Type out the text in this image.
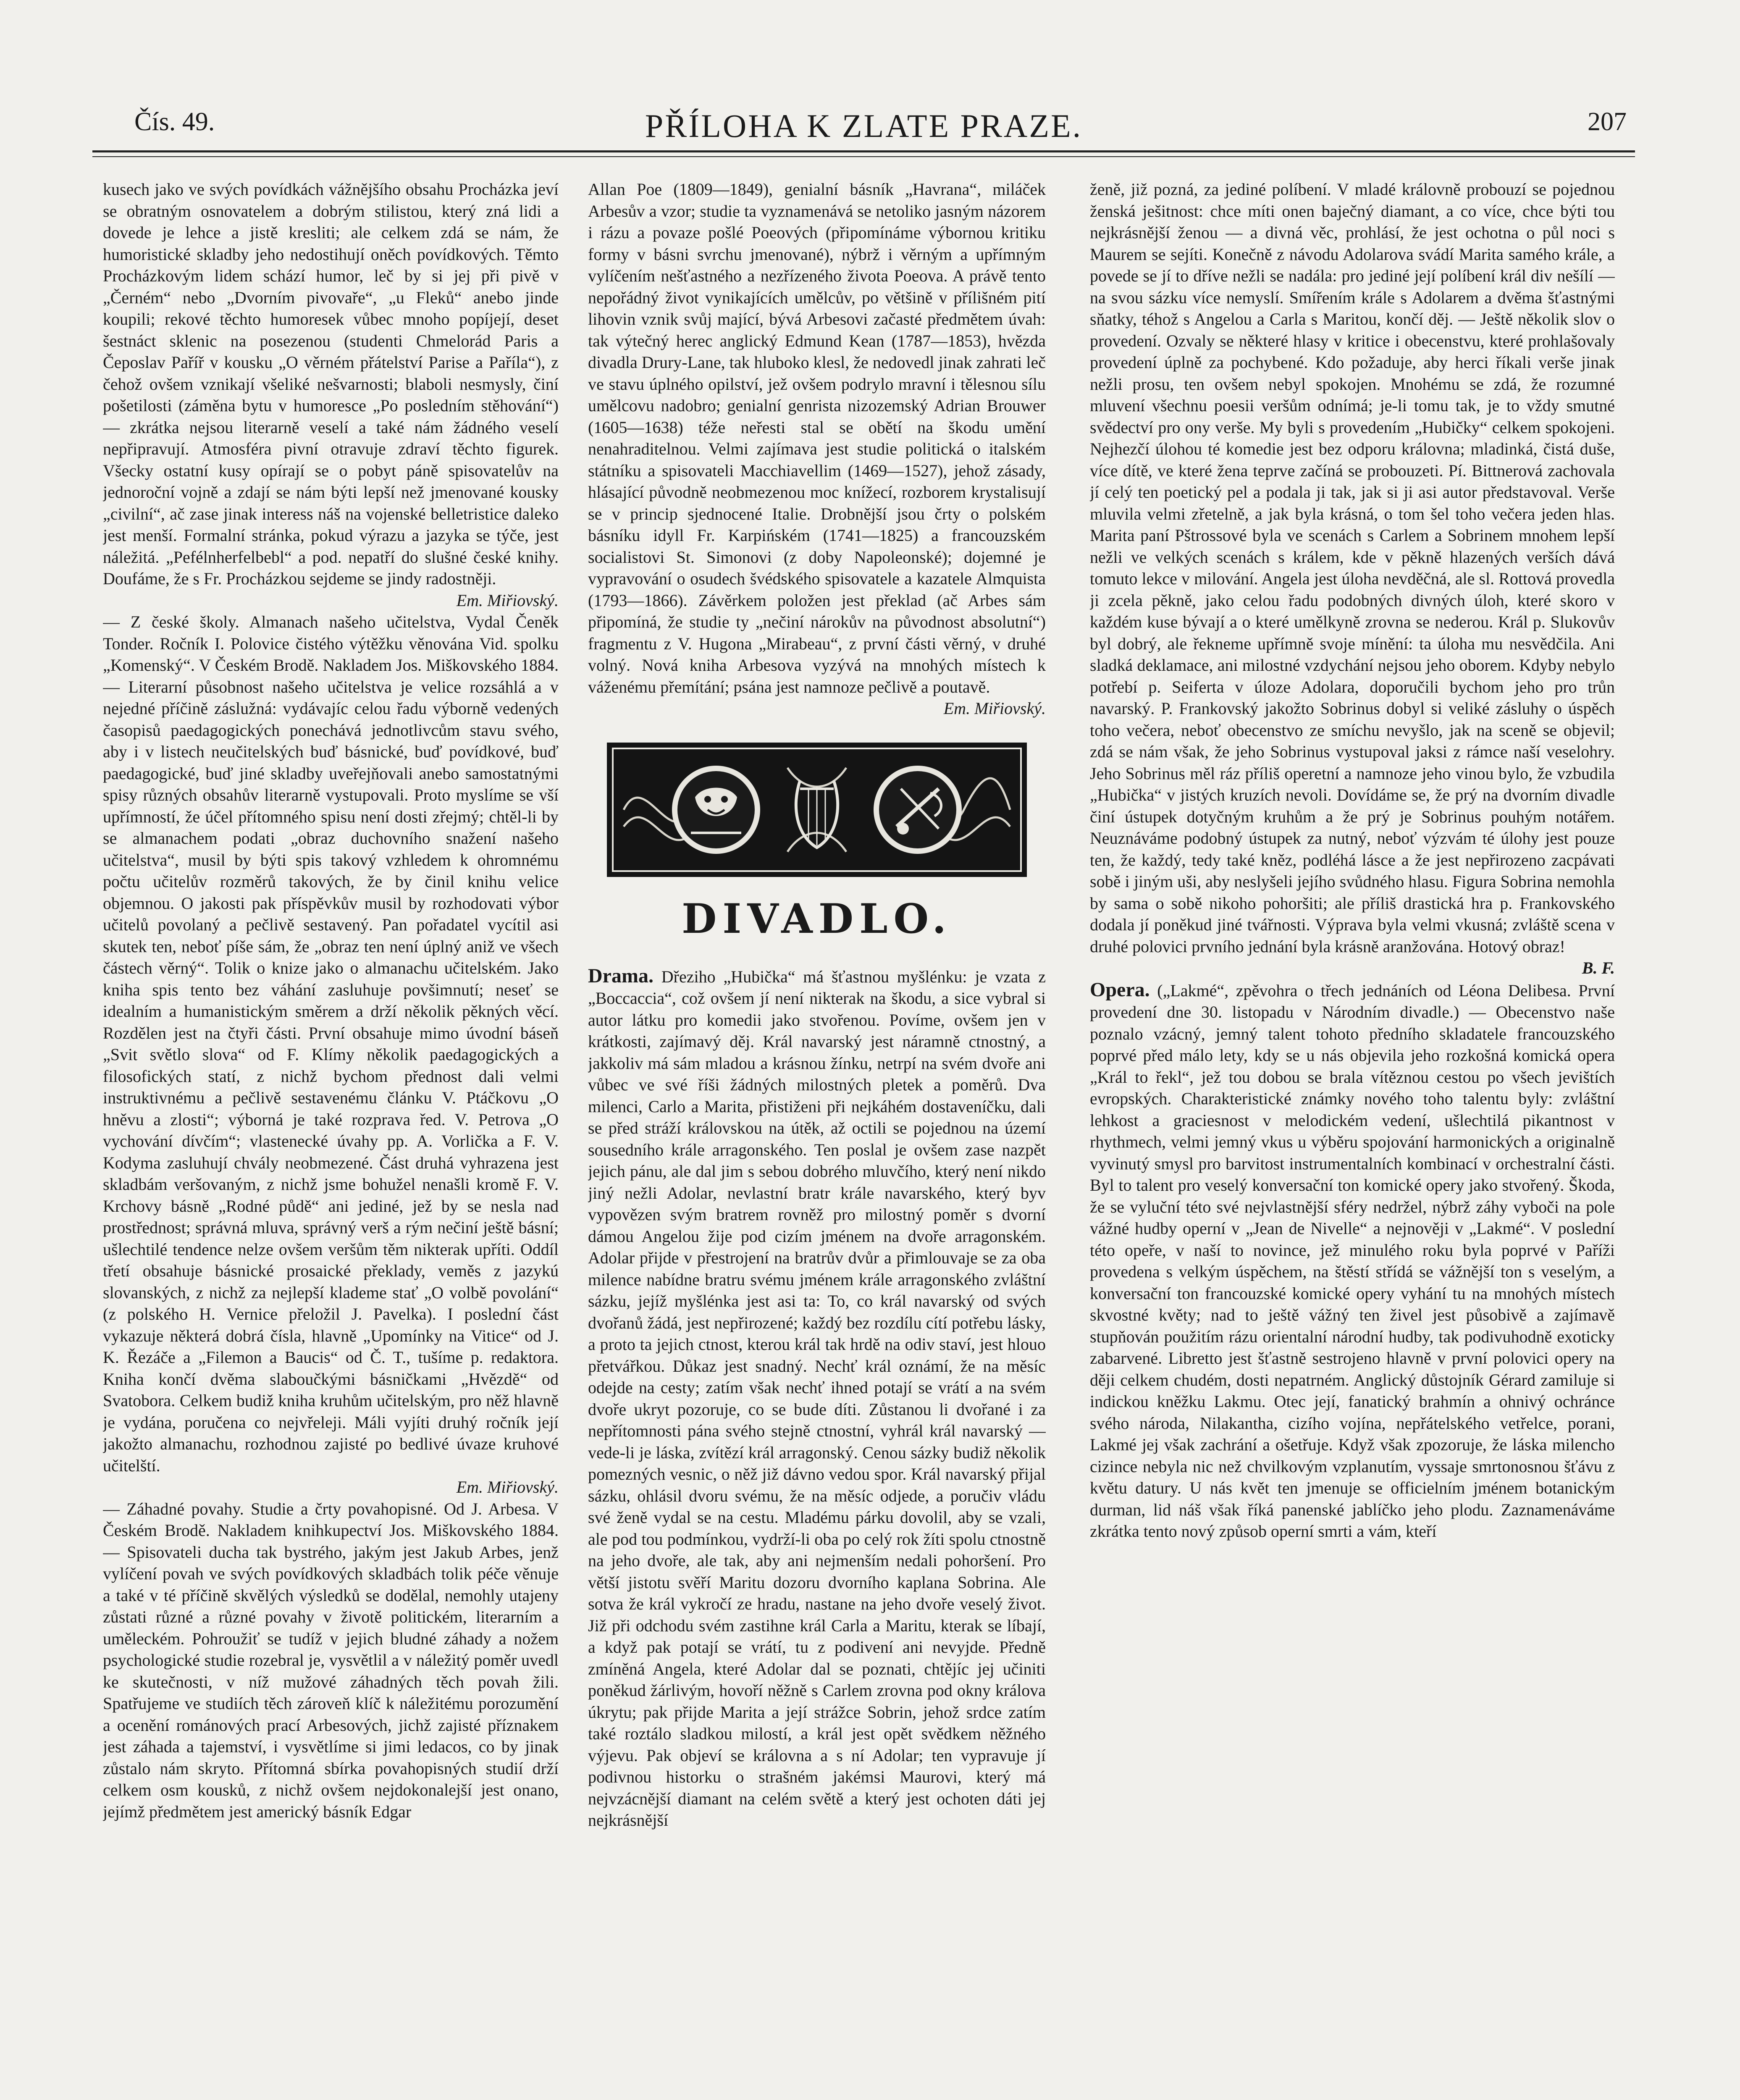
Čís. 49.	PŘÍLOHA K ZLATE PRAZE.	207

kusech jako ve svých povídkách vážnějšího obsahu Procházka jeví se obratným osnovatelem a dobrým stilistou, který zná lidi a dovede je lehce a jistě kresliti; ale celkem zdá se nám, že humoristické skladby jeho nedostihují oněch povídkových. Těmto Procházkovým lidem schází humor, leč by si jej při pivě v „Černém“ nebo „Dvorním pivovaře“, „u Fleků“ anebo jinde koupili; rekové těchto humoresek vůbec mnoho popíjejí, deset šestnáct sklenic na posezenou (studenti Chmelorád Paris a Čeposlav Paříř v kousku „O věrném přátelství Parise a Paříla“), z čehož ovšem vznikají všeliké nešvarnosti; blaboli nesmysly, činí pošetilosti (záměna bytu v humoresce „Po posledním stěhování“) — zkrátka nejsou literarně veselí a také nám žádného veselí nepřipravují. Atmosféra pivní otravuje zdraví těchto figurek. Všecky ostatní kusy opírají se o pobyt páně spisovatelův na jednoroční vojně a zdají se nám býti lepší než jmenované kousky „civilní“, ač zase jinak interess náš na vojenské belletristice daleko jest menší. Formalní stránka, pokud výrazu a jazyka se týče, jest náležitá. „Pefélnherfelbebl“ a pod. nepatří do slušné české knihy. Doufáme, že s Fr. Procházkou sejdeme se jindy radostněji.

Em. Miřiovský.

— Z české školy. Almanach našeho učitelstva, Vydal Čeněk Tonder. Ročník I. Polovice čistého výtěžku věnována Vid. spolku „Komenský“. V Českém Brodě. Nakladem Jos. Miškovského 1884. — Literarní působnost našeho učitelstva je velice rozsáhlá a v nejedné příčině záslužná: vydávajíc celou řadu výborně vedených časopisů paedagogických ponechává jednotlivcům stavu svého, aby i v listech neučitelských buď básnické, buď povídkové, buď paedagogické, buď jiné skladby uveřejňovali anebo samostatnými spisy různých obsahův literarně vystupovali. Proto myslíme se vší upřímností, že účel přítomného spisu není dosti zřejmý; chtěl-li by se almanachem podati „obraz duchovního snažení našeho učitelstva“, musil by býti spis takový vzhledem k ohromnému počtu učitelův rozměrů takových, že by činil knihu velice objemnou. O jakosti pak příspěvkův musil by rozhodovati výbor učitelů povolaný a pečlivě sestavený. Pan pořadatel vycítil asi skutek ten, neboť píše sám, že „obraz ten není úplný aniž ve všech částech věrný“. Tolik o knize jako o almanachu učitelském. Jako kniha spis tento bez váhání zasluhuje povšimnutí; neseť se idealním a humanistickým směrem a drží několik pěkných věcí. Rozdělen jest na čtyři části. První obsahuje mimo úvodní báseň „Svit světlo slova“ od F. Klímy několik paedagogických a filosofických statí, z nichž bychom přednost dali velmi instruktivnému a pečlivě sestavenému článku V. Ptáčkovu „O hněvu a zlosti“; výborná je také rozprava řed. V. Petrova „O vychování dívčím“; vlastenecké úvahy pp. A. Vorlička a F. V. Kodyma zasluhují chvály neobmezené. Část druhá vyhrazena jest skladbám veršovaným, z nichž jsme bohužel nenašli kromě F. V. Krchovy básně „Rodné půdě“ ani jediné, jež by se nesla nad prostřednost; správná mluva, správný verš a rým nečiní ještě básní; ušlechtilé tendence nelze ovšem veršům těm nikterak upříti. Oddíl třetí obsahuje básnické prosaické překlady, veměs z jazykú slovanských, z nichž za nejlepší klademe stať „O volbě povolání“ (z polského H. Vernice přeložil J. Pavelka). I poslední část vykazuje některá dobrá čísla, hlavně „Upomínky na Vitice“ od J. K. Řezáče a „Filemon a Baucis“ od Č. T., tušíme p. redaktora. Kniha končí dvěma slaboučkými básničkami „Hvězdě“ od Svatobora. Celkem budiž kniha kruhům učitelským, pro něž hlavně je vydána, poručena co nejvřeleji. Máli vyjíti druhý ročník její jakožto almanachu, rozhodnou zajisté po bedlivé úvaze kruhové učitelští.

Em. Miřiovský.

— Záhadné povahy. Studie a črty povahopisné. Od J. Arbesa. V Českém Brodě. Nakladem knihkupectví Jos. Miškovského 1884. — Spisovateli ducha tak bystrého, jakým jest Jakub Arbes, jenž vylíčení povah ve svých povídkových skladbách tolik péče věnuje a také v té příčině skvělých výsledků se dodělal, nemohly utajeny zůstati různé a různé povahy v životě politickém, literarním a uměleckém. Pohroužiť se tudíž v jejich bludné záhady a nožem psychologické studie rozebral je, vysvětlil a v náležitý poměr uvedl ke skutečnosti, v níž mužové záhadných těch povah žili. Spatřujeme ve studiích těch zároveň klíč k náležitému porozumění a ocenění románových prací Arbesových, jichž zajisté příznakem jest záhada a tajemství, i vysvětlíme si jimi ledacos, co by jinak zůstalo nám skryto. Přítomná sbírka povahopisných studií drží celkem osm kousků, z nichž ovšem nejdokonalejší jest onano, jejímž předmětem jest americký básník Edgar

Allan Poe (1809—1849), genialní básník „Havrana“, miláček Arbesův a vzor; studie ta vyznamenává se netoliko jasným názorem i rázu a povaze pošlé Poeových (připomínáme výbornou kritiku formy v básni svrchu jmenované), nýbrž i věrným a upřímným vylíčením nešťastného a nezřízeného života Poeova. A právě tento nepořádný život vynikajících umělcův, po většině v přílišném pití lihovin vznik svůj mající, bývá Arbesovi začasté předmětem úvah: tak výtečný herec anglický Edmund Kean (1787—1853), hvězda divadla Drury-Lane, tak hluboko klesl, že nedovedl jinak zahrati leč ve stavu úplného opilství, jež ovšem podrylo mravní i tělesnou sílu umělcovu nadobro; genialní genrista nizozemský Adrian Brouwer (1605—1638) téže neřesti stal se obětí na škodu umění nenahraditelnou. Velmi zajímava jest studie politická o italském státníku a spisovateli Macchiavellim (1469—1527), jehož zásady, hlásající původně neobmezenou moc knížecí, rozborem krystalisují se v princip sjednocené Italie. Drobnější jsou črty o polském básníku idyll Fr. Karpińském (1741—1825) a francouzském socialistovi St. Simonovi (z doby Napoleonské); dojemné je vypravování o osudech švédského spisovatele a kazatele Almquista (1793—1866). Závěrkem položen jest překlad (ač Arbes sám připomíná, že studie ty „nečiní nárokův na původnost absolutní“) fragmentu z V. Hugona „Mirabeau“, z první části věrný, v druhé volný. Nová kniha Arbesova vyzývá na mnohých místech k váženému přemítání; psána jest namnoze pečlivě a poutavě.

Em. Miřiovský.

DIVADLO.

Drama. Dřeziho „Hubička“ má šťastnou myšlénku: je vzata z „Boccaccia“, což ovšem jí není nikterak na škodu, a sice vybral si autor látku pro komedii jako stvořenou. Povíme, ovšem jen v krátkosti, zajímavý děj. Král navarský jest náramně ctnostný, a jakkoliv má sám mladou a krásnou žínku, netrpí na svém dvoře ani vůbec ve své říši žádných milostných pletek a poměrů. Dva milenci, Carlo a Marita, přistiženi při nejkáhém dostaveníčku, dali se před stráží královskou na útěk, až octili se pojednou na území sousedního krále arragonského. Ten poslal je ovšem zase nazpět jejich pánu, ale dal jim s sebou dobrého mluvčího, který není nikdo jiný nežli Adolar, nevlastní bratr krále navarského, který byv vypovězen svým bratrem rovněž pro milostný poměr s dvorní dámou Angelou žije pod cizím jménem na dvoře arragonském. Adolar přijde v přestrojení na bratrův dvůr a přimlouvaje se za oba milence nabídne bratru svému jménem krále arragonského zvláštní sázku, jejíž myšlénka jest asi ta: To, co král navarský od svých dvořanů žádá, jest nepřirozené; každý bez rozdílu cítí potřebu lásky, a proto ta jejich ctnost, kterou král tak hrdě na odiv staví, jest hlouo přetvářkou. Důkaz jest snadný. Nechť král oznámí, že na měsíc odejde na cesty; zatím však nechť ihned potají se vrátí a na svém dvoře ukryt pozoruje, co se bude díti. Zůstanou li dvořané i za nepřítomnosti pána svého stejně ctnostní, vyhrál král navarský — vede-li je láska, zvítězí král arragonský. Cenou sázky budiž několik pomezných vesnic, o něž již dávno vedou spor. Král navarský přijal sázku, ohlásil dvoru svému, že na měsíc odjede, a poručiv vládu své ženě vydal se na cestu. Mladému párku dovolil, aby se vzali, ale pod tou podmínkou, vydrží-li oba po celý rok žíti spolu ctnostně na jeho dvoře, ale tak, aby ani nejmenším nedali pohoršení. Pro větší jistotu svěří Maritu dozoru dvorního kaplana Sobrina. Ale sotva že král vykročí ze hradu, nastane na jeho dvoře veselý život. Již při odchodu svém zastihne král Carla a Maritu, kterak se líbají, a když pak potají se vrátí, tu z podivení ani nevyjde. Předně zmíněná Angela, které Adolar dal se poznati, chtějíc jej učiniti poněkud žárlivým, hovoří něžně s Carlem zrovna pod okny králova úkrytu; pak přijde Marita a její strážce Sobrin, jehož srdce zatím také roztálo sladkou milostí, a král jest opět svědkem něžného výjevu. Pak objeví se královna a s ní Adolar; ten vypravuje jí podivnou historku o strašném jakémsi Maurovi, který má nejvzácnější diamant na celém světě a který jest ochoten dáti jej nejkrásnější

ženě, již pozná, za jediné políbení. V mladé královně probouzí se pojednou ženská ješitnost: chce míti onen baječný diamant, a co více, chce býti tou nejkrásnější ženou — a divná věc, prohlásí, že jest ochotna o půl noci s Maurem se sejíti. Konečně z návodu Adolarova svádí Marita samého krále, a povede se jí to dříve nežli se nadála: pro jediné její políbení král div nešílí — na svou sázku více nemyslí. Smířením krále s Adolarem a dvěma šťastnými sňatky, téhož s Angelou a Carla s Maritou, končí děj. — Ještě několik slov o provedení. Ozvaly se některé hlasy v kritice i obecenstvu, které prohlašovaly provedení úplně za pochybené. Kdo požaduje, aby herci říkali verše jinak nežli prosu, ten ovšem nebyl spokojen. Mnohému se zdá, že rozumné mluvení všechnu poesii veršům odnímá; je-li tomu tak, je to vždy smutné svědectví pro ony verše. My byli s provedením „Hubičky“ celkem spokojeni. Nejhezčí úlohou té komedie jest bez odporu královna; mladinká, čistá duše, více dítě, ve které žena teprve začíná se probouzeti. Pí. Bittnerová zachovala jí celý ten poetický pel a podala ji tak, jak si ji asi autor představoval. Verše mluvila velmi zřetelně, a jak byla krásná, o tom šel toho večera jeden hlas. Marita paní Pštrossové byla ve scenách s Carlem a Sobrinem mnohem lepší nežli ve velkých scenách s králem, kde v pěkně hlazených verších dává tomuto lekce v milování. Angela jest úloha nevděčná, ale sl. Rottová provedla ji zcela pěkně, jako celou řadu podobných divných úloh, které skoro v každém kuse bývají a o které umělkyně zrovna se nederou. Král p. Slukovův byl dobrý, ale řekneme upřímně svoje mínění: ta úloha mu nesvědčila. Ani sladká deklamace, ani milostné vzdychání nejsou jeho oborem. Kdyby nebylo potřebí p. Seiferta v úloze Adolara, doporučili bychom jeho pro trůn navarský. P. Frankovský jakožto Sobrinus dobyl si veliké zásluhy o úspěch toho večera, neboť obecenstvo ze smíchu nevyšlo, jak na sceně se objevil; zdá se nám však, že jeho Sobrinus vystupoval jaksi z rámce naší veselohry. Jeho Sobrinus měl ráz příliš operetní a namnoze jeho vinou bylo, že vzbudila „Hubička“ v jistých kruzích nevoli. Dovídáme se, že prý na dvorním divadle činí ústupek dotyčným kruhům a že prý je Sobrinus pouhým notářem. Neuznáváme podobný ústupek za nutný, neboť výzvám té úlohy jest pouze ten, že každý, tedy také kněz, podléhá lásce a že jest nepřirozeno zacpávati sobě i jiným uši, aby neslyšeli jejího svůdného hlasu. Figura Sobrina nemohla by sama o sobě nikoho pohoršiti; ale příliš drastická hra p. Frankovského dodala jí poněkud jiné tvářnosti. Výprava byla velmi vkusná; zvláště scena v druhé polovici prvního jednání byla krásně aranžována. Hotový obraz!

B. F.

Opera. („Lakmé“, zpěvohra o třech jednáních od Léona Delibesa. První provedení dne 30. listopadu v Národním divadle.) — Obecenstvo naše poznalo vzácný, jemný talent tohoto předního skladatele francouzského poprvé před málo lety, kdy se u nás objevila jeho rozkošná komická opera „Král to řekl“, jež tou dobou se brala vítěznou cestou po všech jevištích evropských. Charakteristické známky nového toho talentu byly: zvláštní lehkost a graciesnost v melodickém vedení, ušlechtilá pikantnost v rhythmech, velmi jemný vkus u výběru spojování harmonických a originalně vyvinutý smysl pro barvitost instrumentalních kombinací v orchestralní části. Byl to talent pro veselý konversační ton komické opery jako stvořený. Škoda, že se vyluční této své nejvlastnější sféry nedržel, nýbrž záhy vyboči na pole vážné hudby operní v „Jean de Nivelle“ a nejnověji v „Lakmé“. V poslední této opeře, v naší to novince, jež minulého roku byla poprvé v Paříži provedena s velkým úspěchem, na štěstí střídá se vážnější ton s veselým, a konversační ton francouzské komické opery vyhání tu na mnohých místech skvostné květy; nad to ještě vážný ten živel jest působivě a zajímavě stupňován použitím rázu orientalní národní hudby, tak podivuhodně exoticky zabarvené. Libretto jest šťastně sestrojeno hlavně v první polovici opery na ději celkem chudém, dosti nepatrném. Anglický důstojník Gérard zamiluje si indickou kněžku Lakmu. Otec její, fanatický brahmín a ohnivý ochránce svého národa, Nilakantha, cizího vojína, nepřátelského vetřelce, porani, Lakmé jej však zachrání a ošetřuje. Když však zpozoruje, že láska milencho cizince nebyla nic než chvilkovým vzplanutím, vyssaje smrtonosnou šťávu z květu datury. U nás květ ten jmenuje se officielním jménem botanickým durman, lid náš však říká panenské jablíčko jeho plodu. Zaznamenáváme zkrátka tento nový způsob operní smrti a vám, kteří
